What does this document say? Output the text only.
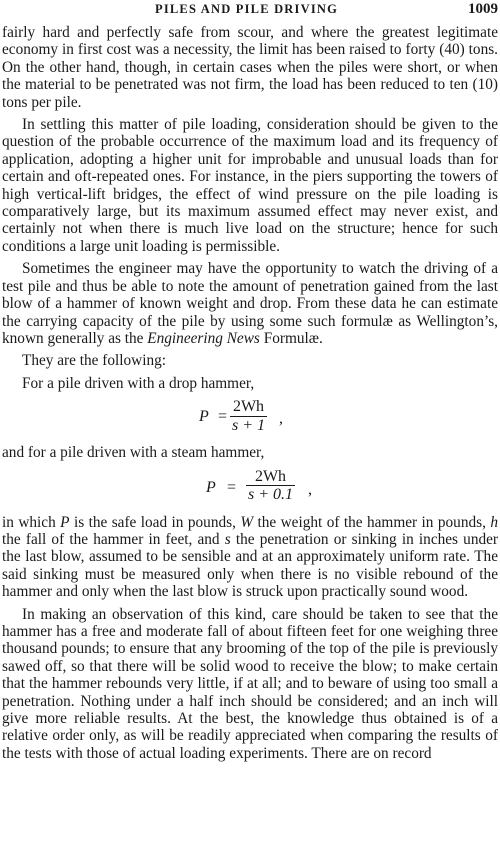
PILES AND PILE DRIVING	1009

fairly hard and perfectly safe from scour, and where the greatest legitimate economy in first cost was a necessity, the limit has been raised to forty (40) tons. On the other hand, though, in certain cases when the piles were short, or when the material to be penetrated was not firm, the load has been reduced to ten (10) tons per pile.

In settling this matter of pile loading, consideration should be given to the question of the probable occurrence of the maximum load and its frequency of application, adopting a higher unit for improbable and unusual loads than for certain and oft-repeated ones. For instance, in the piers supporting the towers of high vertical-lift bridges, the effect of wind pressure on the pile loading is comparatively large, but its maximum assumed effect may never exist, and certainly not when there is much live load on the structure; hence for such conditions a large unit loading is permissible.

Sometimes the engineer may have the opportunity to watch the driving of a test pile and thus be able to note the amount of penetration gained from the last blow of a hammer of known weight and drop. From these data he can estimate the carrying capacity of the pile by using some such formulæ as Wellington’s, known generally as the Engineering News Formulæ.

They are the following:

For a pile driven with a drop hammer,

$P = \frac{2Wh}{s + 1}$ ,

and for a pile driven with a steam hammer,

$P = \frac{2Wh}{s + 0.1}$ ,

in which P is the safe load in pounds, W the weight of the hammer in pounds, h the fall of the hammer in feet, and s the penetration or sinking in inches under the last blow, assumed to be sensible and at an approximately uniform rate. The said sinking must be measured only when there is no visible rebound of the hammer and only when the last blow is struck upon practically sound wood.

In making an observation of this kind, care should be taken to see that the hammer has a free and moderate fall of about fifteen feet for one weighing three thousand pounds; to ensure that any brooming of the top of the pile is previously sawed off, so that there will be solid wood to receive the blow; to make certain that the hammer rebounds very little, if at all; and to beware of using too small a penetration. Nothing under a half inch should be considered; and an inch will give more reliable results. At the best, the knowledge thus obtained is of a relative order only, as will be readily appreciated when comparing the results of the tests with those of actual loading experiments. There are on record
